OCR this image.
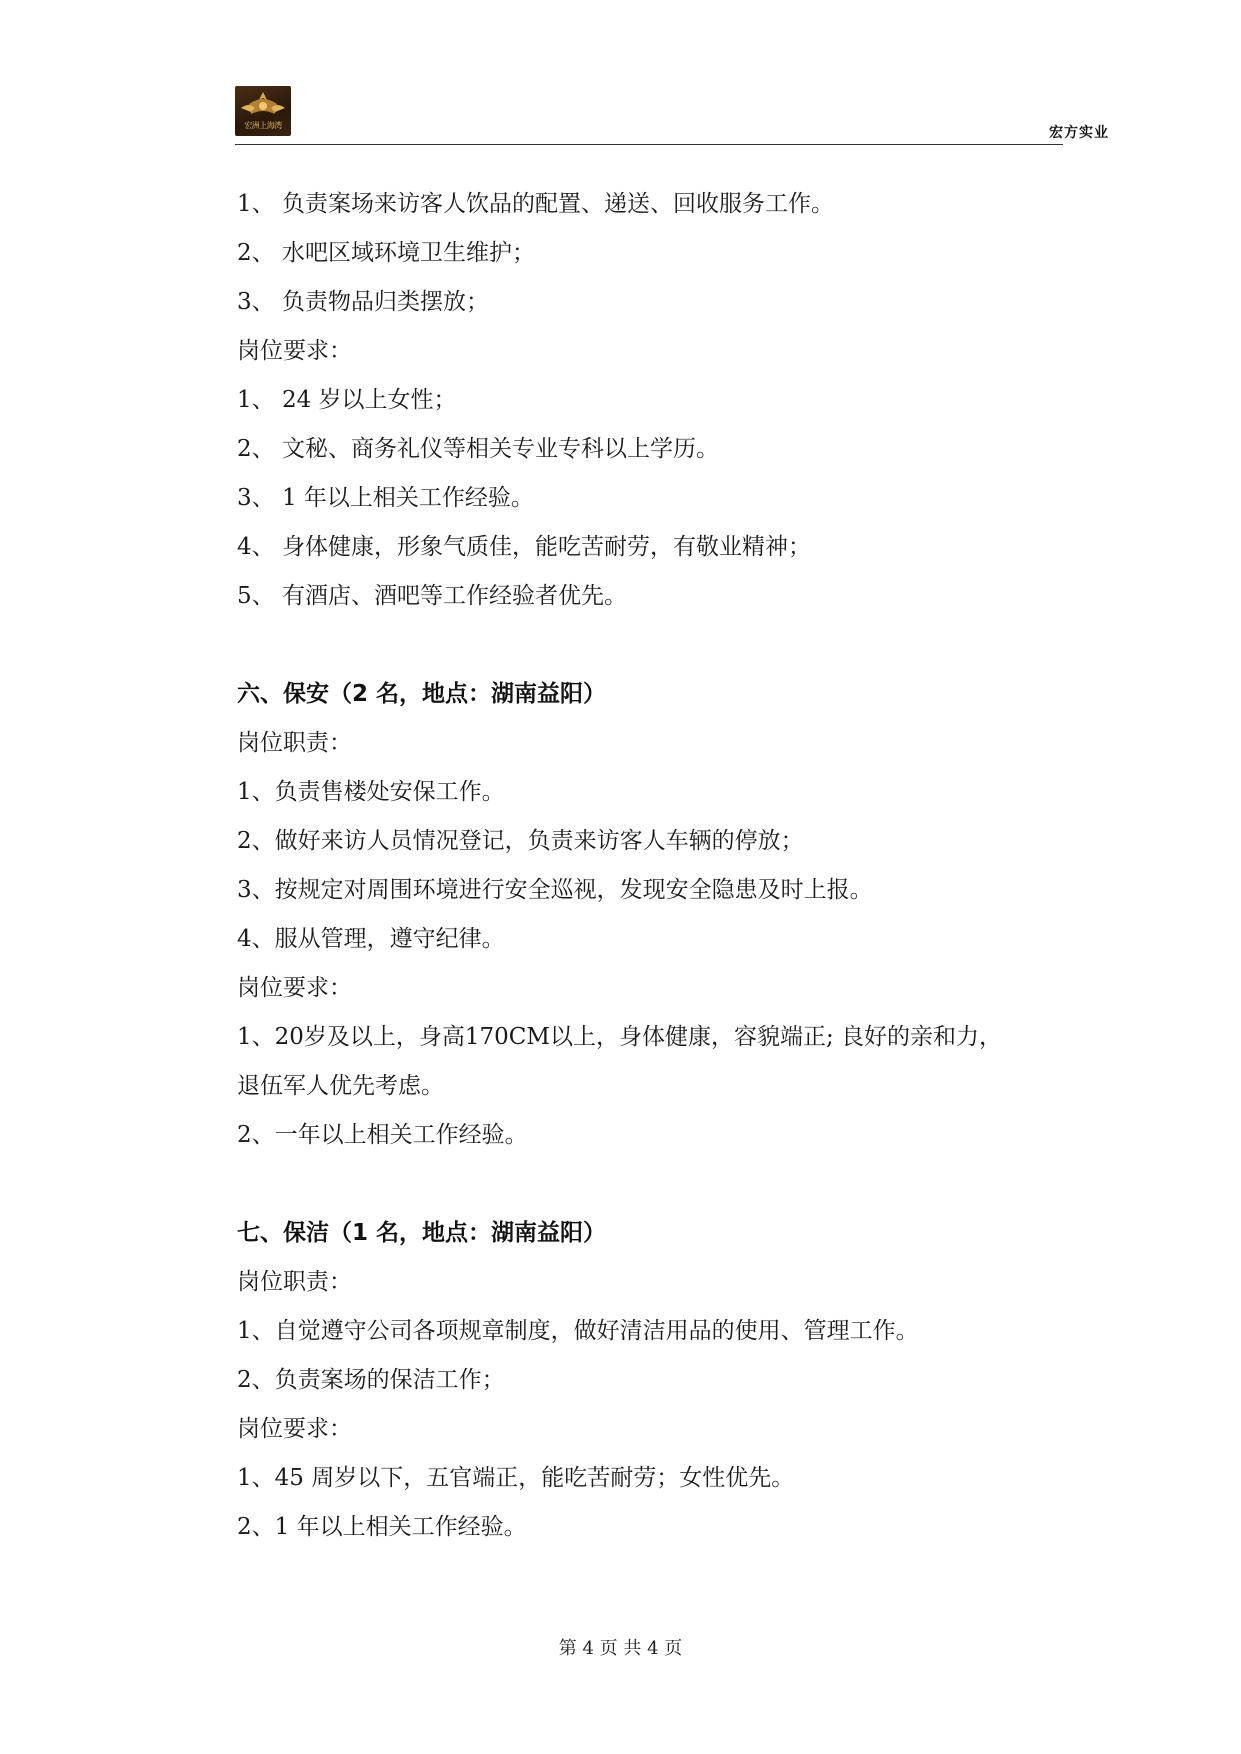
宏洲上海湾	宏方实业
1、 负责案场来访客人饮品的配置、递送、回收服务工作。
2、 水吧区域环境卫生维护；
3、 负责物品归类摆放；
岗位要求：
1、 24 岁以上女性；
2、 文秘、商务礼仪等相关专业专科以上学历。
3、 1 年以上相关工作经验。
4、 身体健康，形象气质佳，能吃苦耐劳，有敬业精神；
5、 有酒店、酒吧等工作经验者优先。
六、保安（2 名，地点：湖南益阳）
岗位职责：
1、负责售楼处安保工作。
2、做好来访人员情况登记，负责来访客人车辆的停放；
3、按规定对周围环境进行安全巡视，发现安全隐患及时上报。
4、服从管理，遵守纪律。
岗位要求：
1、20岁及以上，身高170CM以上，身体健康，容貌端正; 良好的亲和力，
退伍军人优先考虑。
2、一年以上相关工作经验。
七、保洁（1 名，地点：湖南益阳）
岗位职责：
1、自觉遵守公司各项规章制度，做好清洁用品的使用、管理工作。
2、负责案场的保洁工作；
岗位要求：
1、45 周岁以下，五官端正，能吃苦耐劳；女性优先。
2、1 年以上相关工作经验。
第 4 页 共 4 页
